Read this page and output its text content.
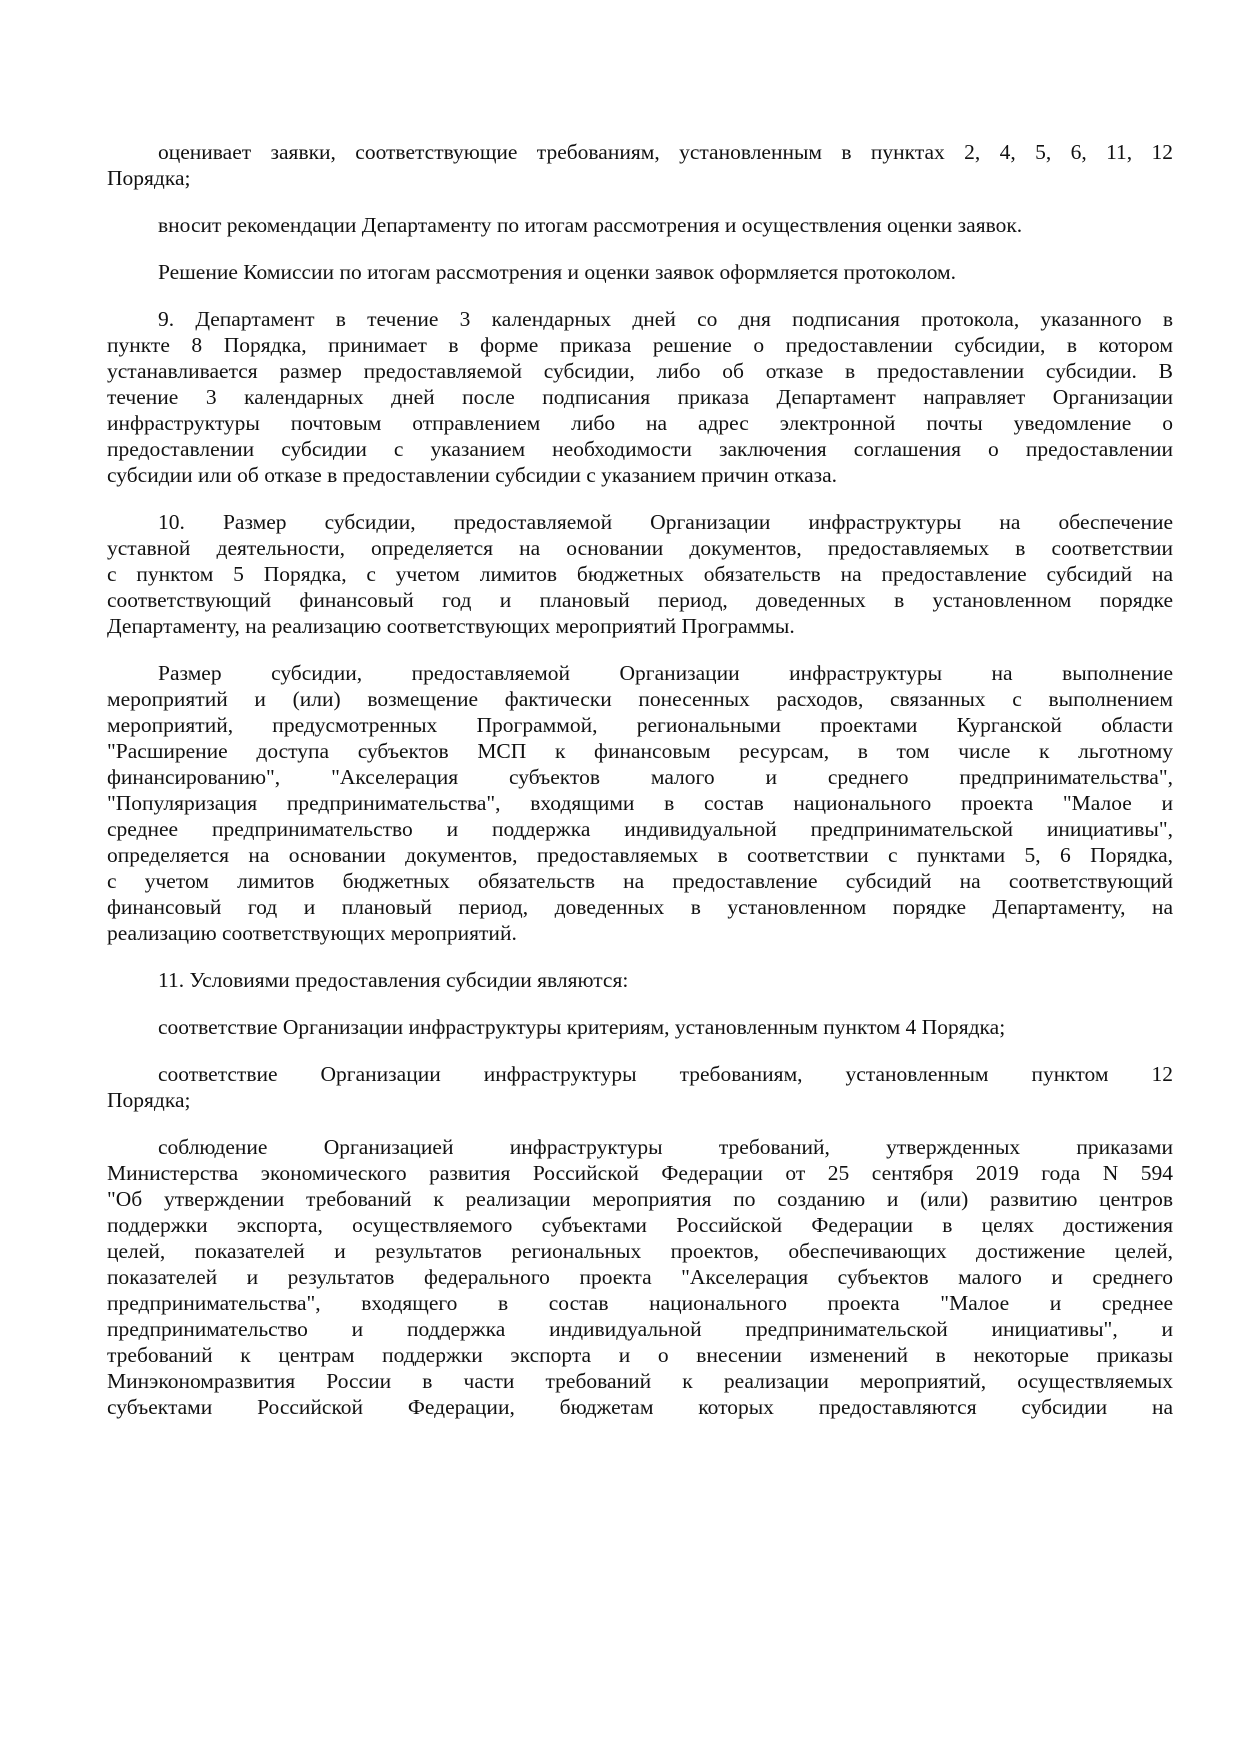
оценивает заявки, соответствующие требованиям, установленным в пунктах 2, 4, 5, 6, 11, 12
Порядка;
вносит рекомендации Департаменту по итогам рассмотрения и осуществления оценки заявок.
Решение Комиссии по итогам рассмотрения и оценки заявок оформляется протоколом.
9. Департамент в течение 3 календарных дней со дня подписания протокола, указанного в
пункте 8 Порядка, принимает в форме приказа решение о предоставлении субсидии, в котором
устанавливается размер предоставляемой субсидии, либо об отказе в предоставлении субсидии. В
течение 3 календарных дней после подписания приказа Департамент направляет Организации
инфраструктуры почтовым отправлением либо на адрес электронной почты уведомление о
предоставлении субсидии с указанием необходимости заключения соглашения о предоставлении
субсидии или об отказе в предоставлении субсидии с указанием причин отказа.
10. Размер субсидии, предоставляемой Организации инфраструктуры на обеспечение
уставной деятельности, определяется на основании документов, предоставляемых в соответствии
с пунктом 5 Порядка, с учетом лимитов бюджетных обязательств на предоставление субсидий на
соответствующий финансовый год и плановый период, доведенных в установленном порядке
Департаменту, на реализацию соответствующих мероприятий Программы.
Размер субсидии, предоставляемой Организации инфраструктуры на выполнение
мероприятий и (или) возмещение фактически понесенных расходов, связанных с выполнением
мероприятий, предусмотренных Программой, региональными проектами Курганской области
"Расширение доступа субъектов МСП к финансовым ресурсам, в том числе к льготному
финансированию", "Акселерация субъектов малого и среднего предпринимательства",
"Популяризация предпринимательства", входящими в состав национального проекта "Малое и
среднее предпринимательство и поддержка индивидуальной предпринимательской инициативы",
определяется на основании документов, предоставляемых в соответствии с пунктами 5, 6 Порядка,
с учетом лимитов бюджетных обязательств на предоставление субсидий на соответствующий
финансовый год и плановый период, доведенных в установленном порядке Департаменту, на
реализацию соответствующих мероприятий.
11. Условиями предоставления субсидии являются:
соответствие Организации инфраструктуры критериям, установленным пунктом 4 Порядка;
соответствие Организации инфраструктуры требованиям, установленным пунктом 12
Порядка;
соблюдение Организацией инфраструктуры требований, утвержденных приказами
Министерства экономического развития Российской Федерации от 25 сентября 2019 года N 594
"Об утверждении требований к реализации мероприятия по созданию и (или) развитию центров
поддержки экспорта, осуществляемого субъектами Российской Федерации в целях достижения
целей, показателей и результатов региональных проектов, обеспечивающих достижение целей,
показателей и результатов федерального проекта "Акселерация субъектов малого и среднего
предпринимательства", входящего в состав национального проекта "Малое и среднее
предпринимательство и поддержка индивидуальной предпринимательской инициативы", и
требований к центрам поддержки экспорта и о внесении изменений в некоторые приказы
Минэкономразвития России в части требований к реализации мероприятий, осуществляемых
субъектами Российской Федерации, бюджетам которых предоставляются субсидии на
